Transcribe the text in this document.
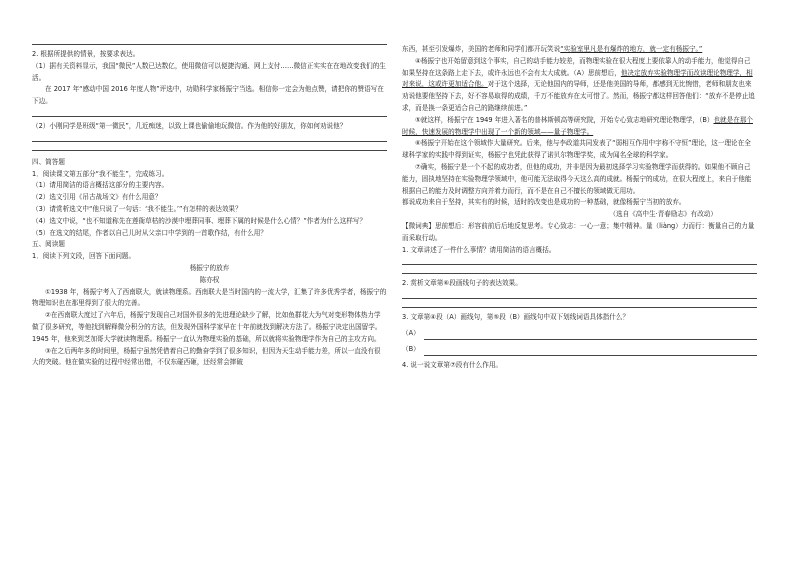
2. 根据所提供的情景，按要求表达。

（1）据有关资料显示，我国“微民”人数已达数亿，使用微信可以便捷沟通、网上支付……微信正实实在在地改变我们的生活。

在 2017 年“感动中国 2016 年度人物”评选中，功勋科学家杨振宁当选。相信你一定会为他点赞，请把你的赞语写在下边。

（2）小刚同学是班级“第一微民”，几近痴迷，以致上课也偷偷地玩微信。作为他的好朋友，你如何劝说他？

四、简答题

1．阅读课文第五部分“我不能生”，完成练习。

（1）请用简洁的语言概括这部分的主要内容。

（2）选文引用《吊古战场文》有什么用意？

（3）请赏析选文中“他只说了一句话：‘我不能生。’”有怎样的表达效果？

（4）选文中说，“也不知道称先在莲衙草枯的沙漠中埋葬同事、埋葬下属的时候是什么心情？”作者为什么这样写？

（5）在选文的结尾，作者以自己儿时从父亲口中学到的一首歌作结，有什么用？

五、阅读题

1．阅读下列文段，回答下面问题。

杨振宁的放弃

陈亦权

①1938 年，杨振宁考入了西南联大，就读物理系。西南联大是当时国内的一流大学，汇集了许多优秀学者，杨振宁的物理知识也在那里得到了很大的完善。

②在西南联大度过了六年后，杨振宁发现自己对国外很多的先进理论缺少了解，比如鱼群花大为气对变形物体热力学做了很多研究，等他找到解释微分积分的方法，但发现外国科学家早在十年前就找到解决方法了。杨振宁决定出国留学。1945 年，他来到芝加哥大学就读物理系。杨振宁一直认为物理实验的基础，所以就将实验物理学作为自己的主攻方向。

③在之后两年多的时间里，杨振宁虽然凭借着自己的勤奋学到了很多知识，但因为天生动手能力差，所以一直没有很大的突破。他在做实验的过程中经常出错，不仅东碰西砸，还经常会摔破

东西，甚至引发爆炸，美国的老师和同学们都开玩笑说“实验室里凡是有爆炸的地方，就一定有杨振宁。”

④杨振宁也开始留意到这个事实，自己的动手能力较差，而物理实验在很大程度上要依靠人的动手能力，他觉得自己如果坚持在这条路上走下去，或许永远也不会有太大成就。（A）思前想后，他决定放弃实验物理学而改读理论物理学，相对来说，这或许更加适合他。对于这个选择，无论他国内的导师，还是他美国的导师，都感到无比惋惜，老师和朋友也来劝说他要他坚持下去，好不容易取得的成绩，千万不能放弃在太可惜了。然而，杨振宁都这样回答他们：“放弃不是停止追求，而是换一条更适合自己的路继续前进。”

⑤就这样，杨振宁在 1949 年进入著名的普林斯顿高等研究院，开始专心致志地研究理论物理学，（B）也就是在那个时候，快速发展的物理学中出现了一个新的领域——量子物理学。

⑥杨振宁开始在这个领域作大量研究。后来，他与李政道共同发表了“弱相互作用中宇称不守恒”理论，这一理论在全球科学家的实践中得到证实，杨振宁也凭此获得了诺贝尔物理学奖，成为闻名全球的科学家。

⑦确实，杨振宁是一个不起的成功者，但他的成功，并非是因为最初选择学习实验物理学而获得的。如果他不顾自己能力，固执地坚持在实验物理学领域中，他可能无法取得今天这么高的成就。杨振宁的成功，在很大程度上，来自于他能根据自己的能力及时调整方向并着力而行，而不是在自己不擅长的领域做无用功。

都说成功来自于坚持，其实有的时候，适时的改变也是成功的一种基础，就像杨振宁当初的放弃。

（选自《高中生·青春励志》有改动）

【微词典】思前想后：形容前前后后地反复思考。专心致志：一心一意；集中精神。量（liàng）力而行：衡量自己的力量而采取行动。

1. 文章讲述了一件什么事情？请用简洁的语言概括。

2. 赏析文章第⑥段画线句子的表达效果。

3. 文章第④段（A）画线句，第⑤段（B）画线句中双下划线词语具体指什么？

（A）
（B）

4. 说一说文章第⑦段有什么作用。
